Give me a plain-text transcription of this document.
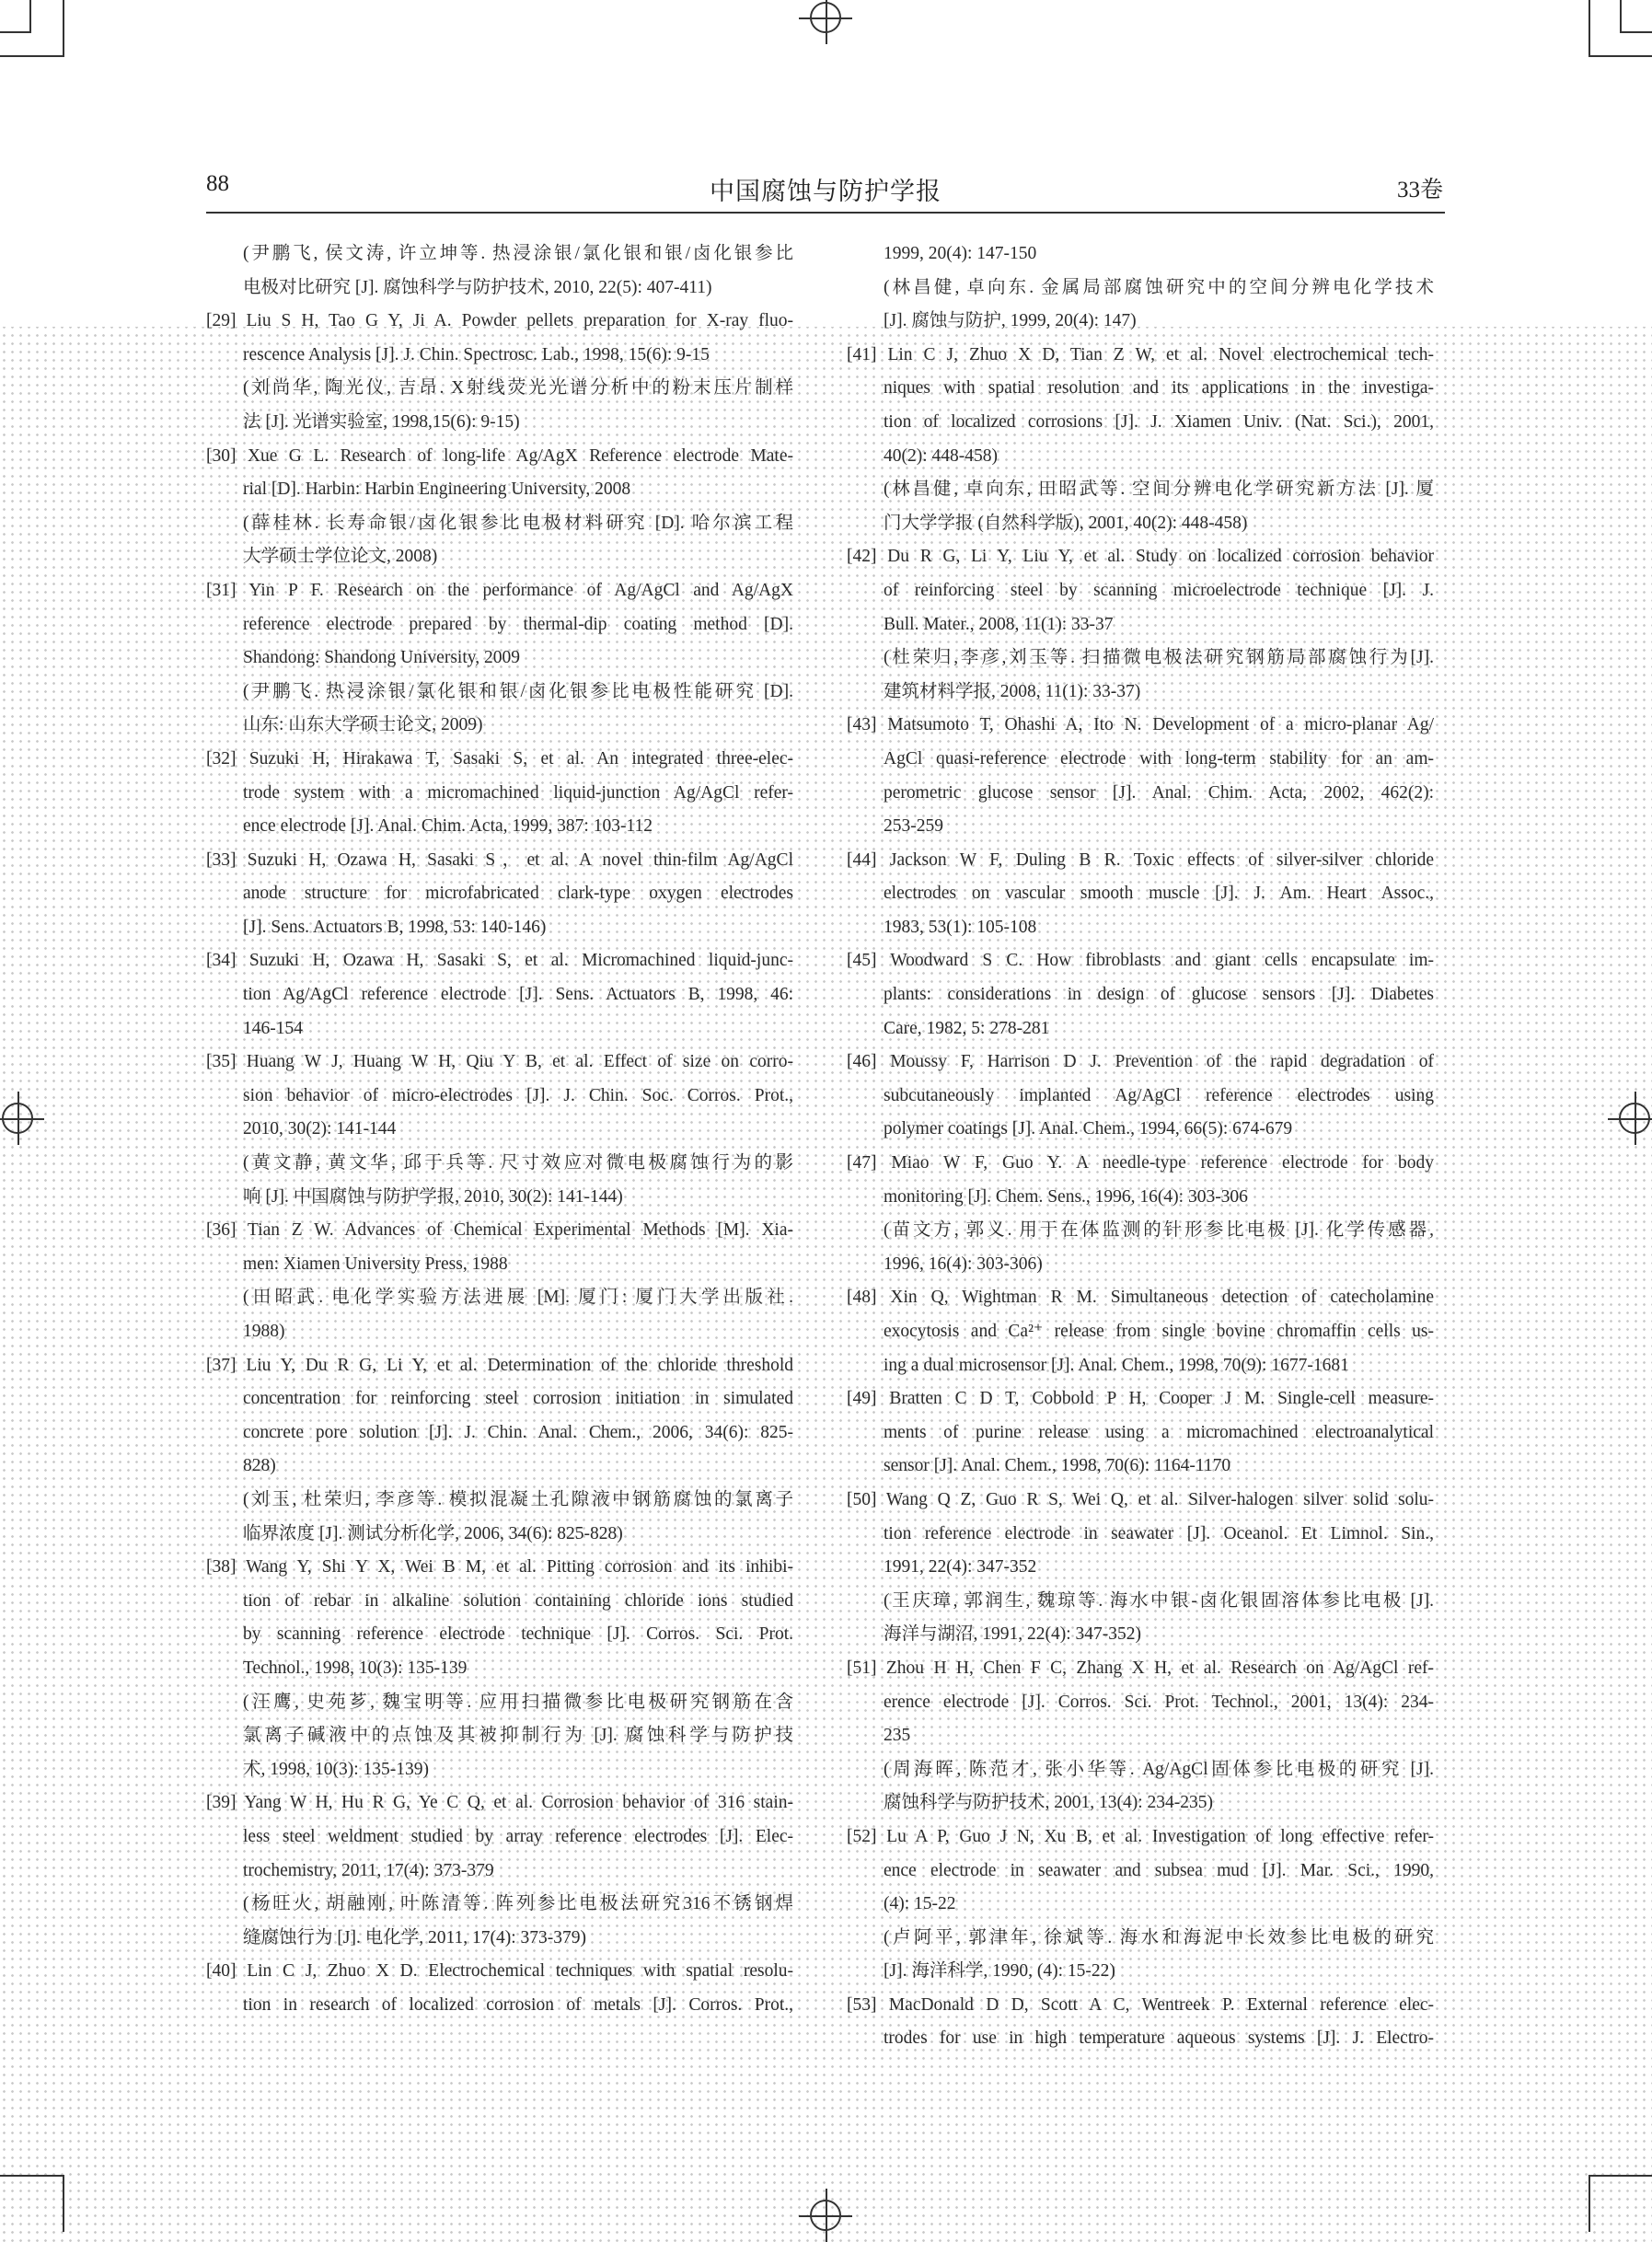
88	中国腐蚀与防护学报	33卷
(尹鹏飞, 侯文涛, 许立坤等. 热浸涂银/氯化银和银/卤化银参比
电极对比研究 [J]. 腐蚀科学与防护技术, 2010, 22(5): 407-411)
[29] Liu S H, Tao G Y, Ji A. Powder pellets preparation for X-ray fluo-
rescence Analysis [J]. J. Chin. Spectrosc. Lab., 1998, 15(6): 9-15
(刘尚华, 陶光仪, 吉昂. X射线荧光光谱分析中的粉末压片制样
法 [J]. 光谱实验室, 1998,15(6): 9-15)
[30] Xue G L. Research of long-life Ag/AgX Reference electrode Mate-
rial [D]. Harbin: Harbin Engineering University, 2008
(薛桂林. 长寿命银/卤化银参比电极材料研究 [D]. 哈尔滨工程
大学硕士学位论文, 2008)
[31] Yin P F. Research on the performance of Ag/AgCl and Ag/AgX
reference electrode prepared by thermal-dip coating method [D].
Shandong: Shandong University, 2009
(尹鹏飞. 热浸涂银/氯化银和银/卤化银参比电极性能研究 [D].
山东: 山东大学硕士论文, 2009)
[32] Suzuki H, Hirakawa T, Sasaki S, et al. An integrated three-elec-
trode system with a micromachined liquid-junction Ag/AgCl refer-
ence electrode [J]. Anal. Chim. Acta, 1999, 387: 103-112
[33] Suzuki H, Ozawa H, Sasaki S，et al. A novel thin-film Ag/AgCl
anode structure for microfabricated clark-type oxygen electrodes
[J]. Sens. Actuators B, 1998, 53: 140-146)
[34] Suzuki H, Ozawa H, Sasaki S, et al. Micromachined liquid-junc-
tion Ag/AgCl reference electrode [J]. Sens. Actuators B, 1998, 46:
146-154
[35] Huang W J, Huang W H, Qiu Y B, et al. Effect of size on corro-
sion behavior of micro-electrodes [J]. J. Chin. Soc. Corros. Prot.,
2010, 30(2): 141-144
(黄文静, 黄文华, 邱于兵等. 尺寸效应对微电极腐蚀行为的影
响 [J]. 中国腐蚀与防护学报, 2010, 30(2): 141-144)
[36] Tian Z W. Advances of Chemical Experimental Methods [M]. Xia-
men: Xiamen University Press, 1988
(田昭武. 电化学实验方法进展 [M]. 厦门: 厦门大学出版社.
1988)
[37] Liu Y, Du R G, Li Y, et al. Determination of the chloride threshold
concentration for reinforcing steel corrosion initiation in simulated
concrete pore solution [J]. J. Chin. Anal. Chem., 2006, 34(6): 825-
828)
(刘玉, 杜荣归, 李彦等. 模拟混凝土孔隙液中钢筋腐蚀的氯离子
临界浓度 [J]. 测试分析化学, 2006, 34(6): 825-828)
[38] Wang Y, Shi Y X, Wei B M, et al. Pitting corrosion and its inhibi-
tion of rebar in alkaline solution containing chloride ions studied
by scanning reference electrode technique [J]. Corros. Sci. Prot.
Technol., 1998, 10(3): 135-139
(汪鹰, 史苑芗, 魏宝明等. 应用扫描微参比电极研究钢筋在含
氯离子碱液中的点蚀及其被抑制行为 [J]. 腐蚀科学与防护技
术, 1998, 10(3): 135-139)
[39] Yang W H, Hu R G, Ye C Q, et al. Corrosion behavior of 316 stain-
less steel weldment studied by array reference electrodes [J]. Elec-
trochemistry, 2011, 17(4): 373-379
(杨旺火, 胡融刚, 叶陈清等. 阵列参比电极法研究316不锈钢焊
缝腐蚀行为 [J]. 电化学, 2011, 17(4): 373-379)
[40] Lin C J, Zhuo X D. Electrochemical techniques with spatial resolu-
tion in research of localized corrosion of metals [J]. Corros. Prot.,
1999, 20(4): 147-150
(林昌健, 卓向东. 金属局部腐蚀研究中的空间分辨电化学技术
[J]. 腐蚀与防护, 1999, 20(4): 147)
[41] Lin C J, Zhuo X D, Tian Z W, et al. Novel electrochemical tech-
niques with spatial resolution and its applications in the investiga-
tion of localized corrosions [J]. J. Xiamen Univ. (Nat. Sci.), 2001,
40(2): 448-458)
(林昌健, 卓向东, 田昭武等. 空间分辨电化学研究新方法 [J]. 厦
门大学学报 (自然科学版), 2001, 40(2): 448-458)
[42] Du R G, Li Y, Liu Y, et al. Study on localized corrosion behavior
of reinforcing steel by scanning microelectrode technique [J]. J.
Bull. Mater., 2008, 11(1): 33-37
(杜荣归,李彦,刘玉等. 扫描微电极法研究钢筋局部腐蚀行为[J].
建筑材料学报, 2008, 11(1): 33-37)
[43] Matsumoto T, Ohashi A, Ito N. Development of a micro-planar Ag/
AgCl quasi-reference electrode with long-term stability for an am-
perometric glucose sensor [J]. Anal. Chim. Acta, 2002, 462(2):
253-259
[44] Jackson W F, Duling B R. Toxic effects of silver-silver chloride
electrodes on vascular smooth muscle [J]. J. Am. Heart Assoc.,
1983, 53(1): 105-108
[45] Woodward S C. How fibroblasts and giant cells encapsulate im-
plants: considerations in design of glucose sensors [J]. Diabetes
Care, 1982, 5: 278-281
[46] Moussy F, Harrison D J. Prevention of the rapid degradation of
subcutaneously implanted Ag/AgCl reference electrodes using
polymer coatings [J]. Anal. Chem., 1994, 66(5): 674-679
[47] Miao W F, Guo Y. A needle-type reference electrode for body
monitoring [J]. Chem. Sens., 1996, 16(4): 303-306
(苗文方, 郭义. 用于在体监测的针形参比电极 [J]. 化学传感器,
1996, 16(4): 303-306)
[48] Xin Q, Wightman R M. Simultaneous detection of catecholamine
exocytosis and Ca²⁺ release from single bovine chromaffin cells us-
ing a dual microsensor [J]. Anal. Chem., 1998, 70(9): 1677-1681
[49] Bratten C D T, Cobbold P H, Cooper J M. Single-cell measure-
ments of purine release using a micromachined electroanalytical
sensor [J]. Anal. Chem., 1998, 70(6): 1164-1170
[50] Wang Q Z, Guo R S, Wei Q, et al. Silver-halogen silver solid solu-
tion reference electrode in seawater [J]. Oceanol. Et Limnol. Sin.,
1991, 22(4): 347-352
(王庆璋, 郭润生, 魏琼等. 海水中银-卤化银固溶体参比电极 [J].
海洋与湖沼, 1991, 22(4): 347-352)
[51] Zhou H H, Chen F C, Zhang X H, et al. Research on Ag/AgCl ref-
erence electrode [J]. Corros. Sci. Prot. Technol., 2001, 13(4): 234-
235
(周海晖, 陈范才, 张小华等. Ag/AgCl固体参比电极的研究 [J].
腐蚀科学与防护技术, 2001, 13(4): 234-235)
[52] Lu A P, Guo J N, Xu B, et al. Investigation of long effective refer-
ence electrode in seawater and subsea mud [J]. Mar. Sci., 1990,
(4): 15-22
(卢阿平, 郭津年, 徐斌等. 海水和海泥中长效参比电极的研究
[J]. 海洋科学, 1990, (4): 15-22)
[53] MacDonald D D, Scott A C, Wentreek P. External reference elec-
trodes for use in high temperature aqueous systems [J]. J. Electro-
